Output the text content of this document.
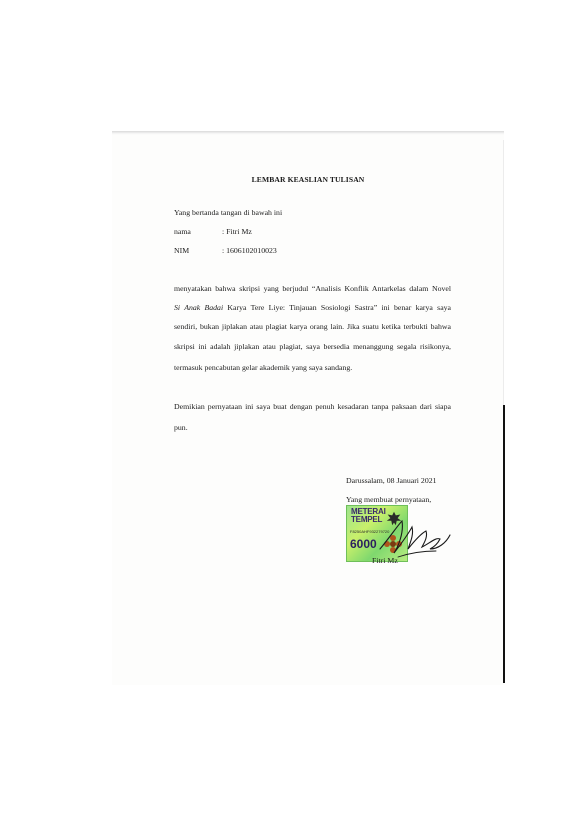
LEMBAR KEASLIAN TULISAN
Yang bertanda tangan di bawah ini
nama	: Fitri Mz
NIM	: 1606102010023
menyatakan bahwa skripsi yang berjudul “Analisis Konflik Antarkelas dalam Novel
Si Anak Badai Karya Tere Liye: Tinjauan Sosiologi Sastra” ini benar karya saya
sendiri, bukan jiplakan atau plagiat karya orang lain. Jika suatu ketika terbukti bahwa
skripsi ini adalah jiplakan atau plagiat, saya bersedia menanggung segala risikonya,
termasuk pencabutan gelar akademik yang saya sandang.
Demikian pernyataan ini saya buat dengan penuh kesadaran tanpa paksaan dari siapa
pun.
Darussalam, 08 Januari 2021
Yang membuat pernyataan,
METERAI
TEMPEL
F8250AHF932279720
6000
Fitri Mz
